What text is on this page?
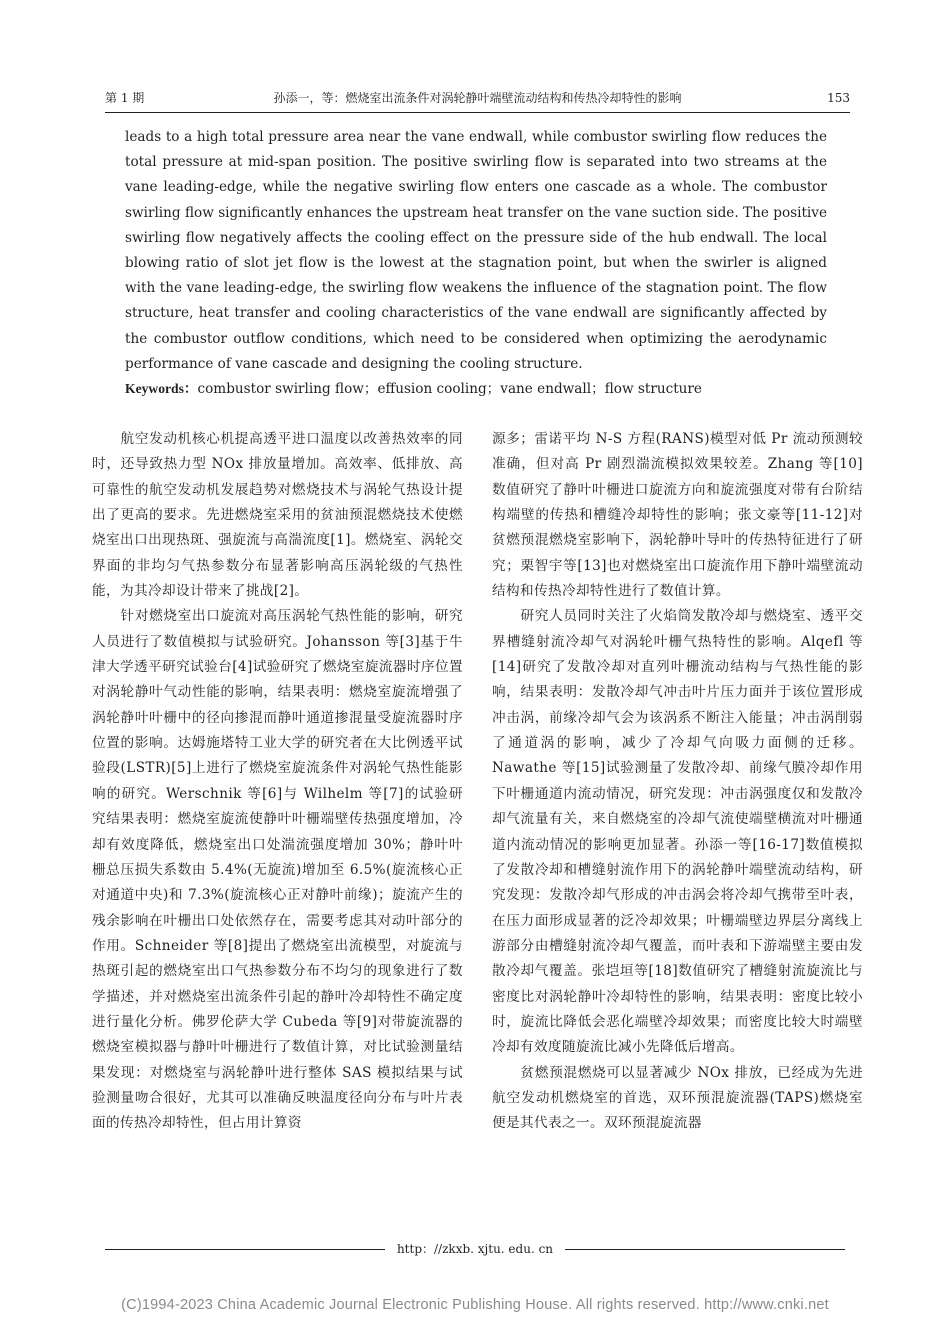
第 1 期	孙添一，等：燃烧室出流条件对涡轮静叶端壁流动结构和传热冷却特性的影响	153
leads to a high total pressure area near the vane endwall, while combustor swirling flow reduces the total pressure at mid-span position. The positive swirling flow is separated into two streams at the vane leading-edge, while the negative swirling flow enters one cascade as a whole. The combustor swirling flow significantly enhances the upstream heat transfer on the vane suction side. The positive swirling flow negatively affects the cooling effect on the pressure side of the hub endwall. The local blowing ratio of slot jet flow is the lowest at the stagnation point, but when the swirler is aligned with the vane leading-edge, the swirling flow weakens the influence of the stagnation point. The flow structure, heat transfer and cooling characteristics of the vane endwall are significantly affected by the combustor outflow conditions, which need to be considered when optimizing the aerodynamic performance of vane cascade and designing the cooling structure.
Keywords：combustor swirling flow；effusion cooling；vane endwall；flow structure

航空发动机核心机提高透平进口温度以改善热效率的同时，还导致热力型 NOx 排放量增加。高效率、低排放、高可靠性的航空发动机发展趋势对燃烧技术与涡轮气热设计提出了更高的要求。先进燃烧室采用的贫油预混燃烧技术使燃烧室出口出现热斑、强旋流与高湍流度[1]。燃烧室、涡轮交界面的非均匀气热参数分布显著影响高压涡轮级的气热性能，为其冷却设计带来了挑战[2]。

针对燃烧室出口旋流对高压涡轮气热性能的影响，研究人员进行了数值模拟与试验研究。Johansson 等[3]基于牛津大学透平研究试验台[4]试验研究了燃烧室旋流器时序位置对涡轮静叶气动性能的影响，结果表明：燃烧室旋流增强了涡轮静叶叶栅中的径向掺混而静叶通道掺混量受旋流器时序位置的影响。达姆施塔特工业大学的研究者在大比例透平试验段(LSTR)[5]上进行了燃烧室旋流条件对涡轮气热性能影响的研究。Werschnik 等[6]与 Wilhelm 等[7]的试验研究结果表明：燃烧室旋流使静叶叶栅端壁传热强度增加，冷却有效度降低，燃烧室出口处湍流强度增加 30%；静叶叶栅总压损失系数由 5.4%(无旋流)增加至 6.5%(旋流核心正对通道中央)和 7.3%(旋流核心正对静叶前缘)；旋流产生的残余影响在叶栅出口处依然存在，需要考虑其对动叶部分的作用。Schneider 等[8]提出了燃烧室出流模型，对旋流与热斑引起的燃烧室出口气热参数分布不均匀的现象进行了数学描述，并对燃烧室出流条件引起的静叶冷却特性不确定度进行量化分析。佛罗伦萨大学 Cubeda 等[9]对带旋流器的燃烧室模拟器与静叶叶栅进行了数值计算，对比试验测量结果发现：对燃烧室与涡轮静叶进行整体 SAS 模拟结果与试验测量吻合很好，尤其可以准确反映温度径向分布与叶片表面的传热冷却特性，但占用计算资

源多；雷诺平均 N-S 方程(RANS)模型对低 Pr 流动预测较准确，但对高 Pr 剧烈湍流模拟效果较差。Zhang 等[10]数值研究了静叶叶栅进口旋流方向和旋流强度对带有台阶结构端壁的传热和槽缝冷却特性的影响；张文豪等[11-12]对贫燃预混燃烧室影响下，涡轮静叶导叶的传热特征进行了研究；栗智宇等[13]也对燃烧室出口旋流作用下静叶端壁流动结构和传热冷却特性进行了数值计算。

研究人员同时关注了火焰筒发散冷却与燃烧室、透平交界槽缝射流冷却气对涡轮叶栅气热特性的影响。Alqefl 等[14]研究了发散冷却对直列叶栅流动结构与气热性能的影响，结果表明：发散冷却气冲击叶片压力面并于该位置形成冲击涡，前缘冷却气会为该涡系不断注入能量；冲击涡削弱了通道涡的影响，减少了冷却气向吸力面侧的迁移。Nawathe 等[15]试验测量了发散冷却、前缘气膜冷却作用下叶栅通道内流动情况，研究发现：冲击涡强度仅和发散冷却气流量有关，来自燃烧室的冷却气流使端壁横流对叶栅通道内流动情况的影响更加显著。孙添一等[16-17]数值模拟了发散冷却和槽缝射流作用下的涡轮静叶端壁流动结构，研究发现：发散冷却气形成的冲击涡会将冷却气携带至叶表，在压力面形成显著的泛冷却效果；叶栅端壁边界层分离线上游部分由槽缝射流冷却气覆盖，而叶表和下游端壁主要由发散冷却气覆盖。张垲垣等[18]数值研究了槽缝射流旋流比与密度比对涡轮静叶冷却特性的影响，结果表明：密度比较小时，旋流比降低会恶化端壁冷却效果；而密度比较大时端壁冷却有效度随旋流比减小先降低后增高。

贫燃预混燃烧可以显著减少 NOx 排放，已经成为先进航空发动机燃烧室的首选，双环预混旋流器(TAPS)燃烧室便是其代表之一。双环预混旋流器

http：//zkxb. xjtu. edu. cn
(C)1994-2023 China Academic Journal Electronic Publishing House. All rights reserved. http://www.cnki.net
